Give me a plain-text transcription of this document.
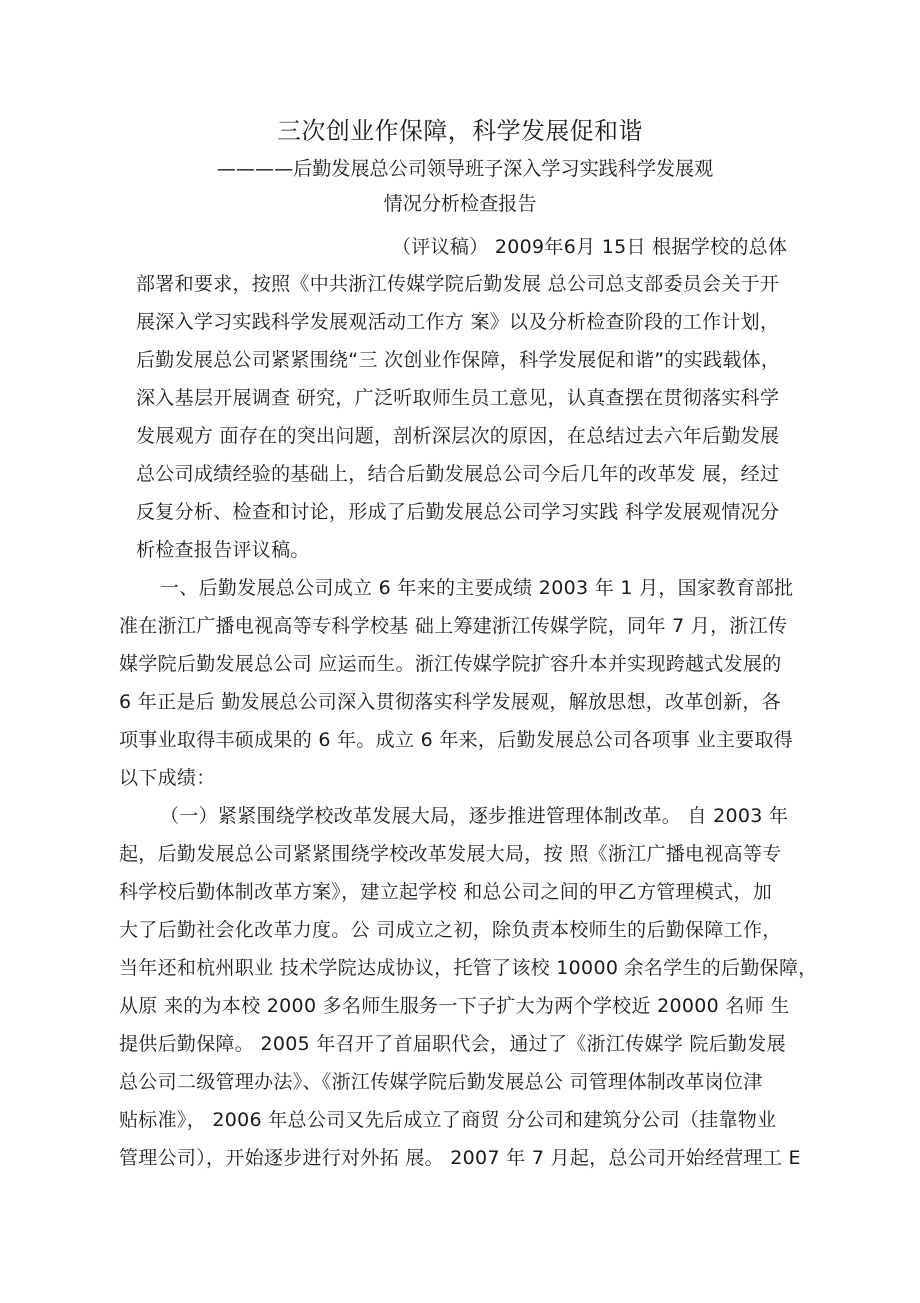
三次创业作保障，科学发展促和谐
————后勤发展总公司领导班子深入学习实践科学发展观
情况分析检查报告
（评议稿） 2009年6月 15日 根据学校的总体
部署和要求，按照《中共浙江传媒学院后勤发展 总公司总支部委员会关于开
展深入学习实践科学发展观活动工作方 案》以及分析检查阶段的工作计划，
后勤发展总公司紧紧围绕“三 次创业作保障，科学发展促和谐”的实践载体，
深入基层开展调查 研究，广泛听取师生员工意见，认真查摆在贯彻落实科学
发展观方 面存在的突出问题，剖析深层次的原因，在总结过去六年后勤发展
总公司成绩经验的基础上，结合后勤发展总公司今后几年的改革发 展，经过
反复分析、检查和讨论，形成了后勤发展总公司学习实践 科学发展观情况分
析检查报告评议稿。
一、后勤发展总公司成立 6 年来的主要成绩 2003 年 1 月，国家教育部批
准在浙江广播电视高等专科学校基 础上筹建浙江传媒学院，同年 7 月，浙江传
媒学院后勤发展总公司 应运而生。浙江传媒学院扩容升本并实现跨越式发展的
6 年正是后 勤发展总公司深入贯彻落实科学发展观，解放思想，改革创新，各
项事业取得丰硕成果的 6 年。成立 6 年来，后勤发展总公司各项事 业主要取得
以下成绩：
（一）紧紧围绕学校改革发展大局，逐步推进管理体制改革。 自 2003 年
起，后勤发展总公司紧紧围绕学校改革发展大局，按 照《浙江广播电视高等专
科学校后勤体制改革方案》，建立起学校 和总公司之间的甲乙方管理模式，加
大了后勤社会化改革力度。公 司成立之初，除负责本校师生的后勤保障工作，
当年还和杭州职业 技术学院达成协议，托管了该校 10000 余名学生的后勤保障，
从原 来的为本校 2000 多名师生服务一下子扩大为两个学校近 20000 名师 生
提供后勤保障。 2005 年召开了首届职代会，通过了《浙江传媒学 院后勤发展
总公司二级管理办法》、《浙江传媒学院后勤发展总公 司管理体制改革岗位津
贴标准》， 2006 年总公司又先后成立了商贸 分公司和建筑分公司（挂靠物业
管理公司），开始逐步进行对外拓 展。 2007 年 7 月起，总公司开始经营理工 E
